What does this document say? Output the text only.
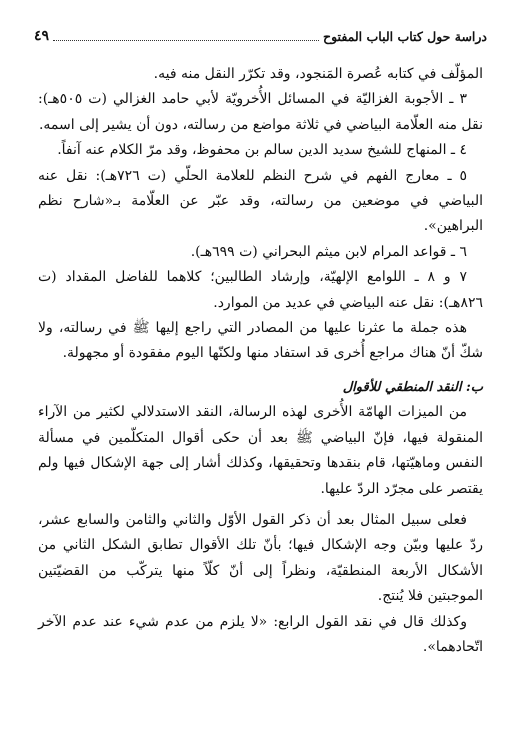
دراسة حول كتاب الباب المفتوح
٤٩

المؤلّف في كتابه عُصرة المَنجود، وقد تكرّر النقل منه فيه.

٣ ـ الأجوبة الغزاليّة في المسائل الأُخرويّة لأبي حامد الغزالي (ت ٥٠٥هـ): نقل منه العلّامة البياضي في ثلاثة مواضع من رسالته، دون أن يشير إلى اسمه.

٤ ـ المنهاج للشيخ سديد الدين سالم بن محفوظ، وقد مرّ الكلام عنه آنفاً.

٥ ـ معارج الفهم في شرح النظم للعلامة الحلّي (ت ٧٢٦هـ): نقل عنه البياضي في موضعين من رسالته، وقد عبّر عن العلّامة بـ«شارح نظم البراهين».

٦ ـ قواعد المرام لابن ميثم البحراني (ت ٦٩٩هـ).

٧ و ٨ ـ اللوامع الإلهيّة، وإرشاد الطالبين؛ كلاهما للفاضل المقداد (ت ٨٢٦هـ): نقل عنه البياضي في عديد من الموارد.

هذه جملة ما عثرنا عليها من المصادر التي راجع إليها ﷺ في رسالته، ولا شكّ أنّ هناك مراجع أُخرى قد استفاد منها ولكنّها اليوم مفقودة أو مجهولة.

ب: النقد المنطقي للأقوال

من الميزات الهامّة الأُخرى لهذه الرسالة، النقد الاستدلالي لكثير من الآراء المنقولة فيها، فإنّ البياضي ﷺ بعد أن حكى أقوال المتكلّمين في مسألة النفس وماهيّتها، قام بنقدها وتحقيقها، وكذلك أشار إلى جهة الإشكال فيها ولم يقتصر على مجرّد الردّ عليها.

فعلى سبيل المثال بعد أن ذكر القول الأوّل والثاني والثامن والسابع عشر، ردّ عليها وبيّن وجه الإشكال فيها؛ بأنّ تلك الأقوال تطابق الشكل الثاني من الأشكال الأربعة المنطقيّة، ونظراً إلى أنّ كلّاً منها يتركّب من القضيّتين الموجبتين فلا يُنتج.

وكذلك قال في نقد القول الرابع: «لا يلزم من عدم شيء عند عدم الآخر اتّحادهما».
